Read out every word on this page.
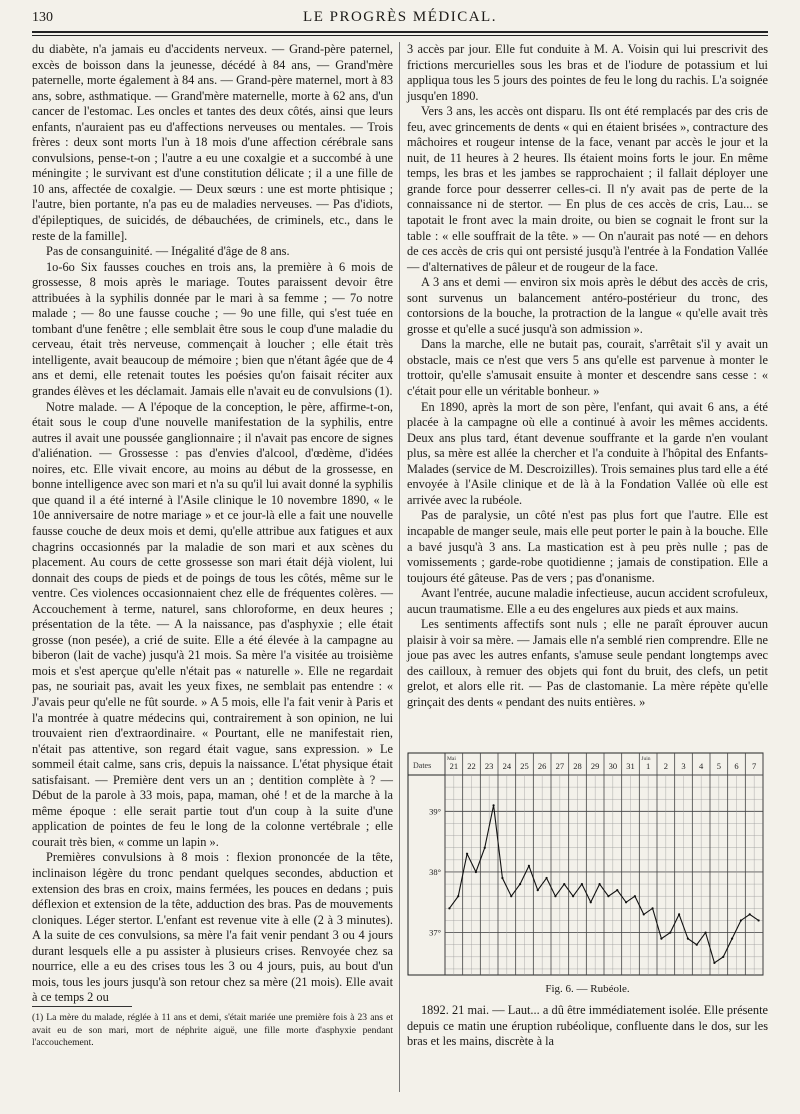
130	LE PROGRÈS MÉDICAL.

du diabète, n'a jamais eu d'accidents nerveux. — Grand-père paternel, excès de boisson dans la jeunesse, décédé à 84 ans, — Grand'mère paternelle, morte également à 84 ans. — Grand-père maternel, mort à 83 ans, sobre, asthmatique. — Grand'mère maternelle, morte à 62 ans, d'un cancer de l'estomac. Les oncles et tantes des deux côtés, ainsi que leurs enfants, n'auraient pas eu d'affections nerveuses ou mentales. — Trois frères : deux sont morts l'un à 18 mois d'une affection cérébrale sans convulsions, pense-t-on ; l'autre a eu une coxalgie et a succombé à une méningite ; le survivant est d'une constitution délicate ; il a une fille de 10 ans, affectée de coxalgie. — Deux sœurs : une est morte phtisique ; l'autre, bien portante, n'a pas eu de maladies nerveuses. — Pas d'idiots, d'épileptiques, de suicidés, de débauchées, de criminels, etc., dans le reste de la famille].

Pas de consanguinité. — Inégalité d'âge de 8 ans.

1o-6o Six fausses couches en trois ans, la première à 6 mois de grossesse, 8 mois après le mariage. Toutes paraissent devoir être attribuées à la syphilis donnée par le mari à sa femme ; — 7o notre malade ; — 8o une fausse couche ; — 9o une fille, qui s'est tuée en tombant d'une fenêtre ; elle semblait être sous le coup d'une maladie du cerveau, était très nerveuse, commençait à loucher ; elle était très intelligente, avait beaucoup de mémoire ; bien que n'étant âgée que de 4 ans et demi, elle retenait toutes les poésies qu'on faisait réciter aux grandes élèves et les déclamait. Jamais elle n'avait eu de convulsions (1).

Notre malade. — A l'époque de la conception, le père, affirme-t-on, était sous le coup d'une nouvelle manifestation de la syphilis, entre autres il avait une poussée ganglionnaire ; il n'avait pas encore de signes d'aliénation. — Grossesse : pas d'envies d'alcool, d'œdème, d'idées noires, etc. Elle vivait encore, au moins au début de la grossesse, en bonne intelligence avec son mari et n'a su qu'il lui avait donné la syphilis que quand il a été interné à l'Asile clinique le 10 novembre 1890, « le 10e anniversaire de notre mariage » et ce jour-là elle a fait une nouvelle fausse couche de deux mois et demi, qu'elle attribue aux fatigues et aux chagrins occasionnés par la maladie de son mari et aux scènes du placement. Au cours de cette grossesse son mari était déjà violent, lui donnait des coups de pieds et de poings de tous les côtés, même sur le ventre. Ces violences occasionnaient chez elle de fréquentes colères. — Accouchement à terme, naturel, sans chloroforme, en deux heures ; présentation de la tête. — A la naissance, pas d'asphyxie ; elle était grosse (non pesée), a crié de suite. Elle a été élevée à la campagne au biberon (lait de vache) jusqu'à 21 mois. Sa mère l'a visitée au troisième mois et s'est aperçue qu'elle n'était pas « naturelle ». Elle ne regardait pas, ne souriait pas, avait les yeux fixes, ne semblait pas entendre : « J'avais peur qu'elle ne fût sourde. » A 5 mois, elle l'a fait venir à Paris et l'a montrée à quatre médecins qui, contrairement à son opinion, ne lui trouvaient rien d'extraordinaire. « Pourtant, elle ne manifestait rien, n'était pas attentive, son regard était vague, sans expression. » Le sommeil était calme, sans cris, depuis la naissance. L'état physique était satisfaisant. — Première dent vers un an ; dentition complète à ? — Début de la parole à 33 mois, papa, maman, ohé ! et de la marche à la même époque : elle serait partie tout d'un coup à la suite d'une application de pointes de feu le long de la colonne vertébrale ; elle courait très bien, « comme un lapin ».

Premières convulsions à 8 mois : flexion prononcée de la tête, inclinaison légère du tronc pendant quelques secondes, abduction et extension des bras en croix, mains fermées, les pouces en dedans ; puis déflexion et extension de la tête, adduction des bras. Pas de mouvements cloniques. Léger stertor. L'enfant est revenue vite à elle (2 à 3 minutes). A la suite de ces convulsions, sa mère l'a fait venir pendant 3 ou 4 jours durant lesquels elle a pu assister à plusieurs crises. Renvoyée chez sa nourrice, elle a eu des crises tous les 3 ou 4 jours, puis, au bout d'un mois, tous les jours jusqu'à son retour chez sa mère (21 mois). Elle avait à ce temps 2 ou

(1) La mère du malade, réglée à 11 ans et demi, s'était mariée une première fois à 23 ans et avait eu de son mari, mort de néphrite aiguë, une fille morte d'asphyxie pendant l'accouchement.

3 accès par jour. Elle fut conduite à M. A. Voisin qui lui prescrivit des frictions mercurielles sous les bras et de l'iodure de potassium et lui appliqua tous les 5 jours des pointes de feu le long du rachis. L'a soignée jusqu'en 1890.

Vers 3 ans, les accès ont disparu. Ils ont été remplacés par des cris de feu, avec grincements de dents « qui en étaient brisées », contracture des mâchoires et rougeur intense de la face, venant par accès le jour et la nuit, de 11 heures à 2 heures. Ils étaient moins forts le jour. En même temps, les bras et les jambes se rapprochaient ; il fallait déployer une grande force pour desserrer celles-ci. Il n'y avait pas de perte de la connaissance ni de stertor. — En plus de ces accès de cris, Lau... se tapotait le front avec la main droite, ou bien se cognait le front sur la table : « elle souffrait de la tête. » — On n'aurait pas noté — en dehors de ces accès de cris qui ont persisté jusqu'à l'entrée à la Fondation Vallée — d'alternatives de pâleur et de rougeur de la face.

A 3 ans et demi — environ six mois après le début des accès de cris, sont survenus un balancement antéro-postérieur du tronc, des contorsions de la bouche, la protraction de la langue « qu'elle avait très grosse et qu'elle a sucé jusqu'à son admission ».

Dans la marche, elle ne butait pas, courait, s'arrêtait s'il y avait un obstacle, mais ce n'est que vers 5 ans qu'elle est parvenue à monter le trottoir, qu'elle s'amusait ensuite à monter et descendre sans cesse : « c'était pour elle un véritable bonheur. »

En 1890, après la mort de son père, l'enfant, qui avait 6 ans, a été placée à la campagne où elle a continué à avoir les mêmes accidents. Deux ans plus tard, étant devenue souffrante et la garde n'en voulant plus, sa mère est allée la chercher et l'a conduite à l'hôpital des Enfants-Malades (service de M. Descroizilles). Trois semaines plus tard elle a été envoyée à l'Asile clinique et de là à la Fondation Vallée où elle est arrivée avec la rubéole.

Pas de paralysie, un côté n'est pas plus fort que l'autre. Elle est incapable de manger seule, mais elle peut porter le pain à la bouche. Elle a bavé jusqu'à 3 ans. La mastication est à peu près nulle ; pas de vomissements ; garde-robe quotidienne ; jamais de constipation. Elle a toujours été gâteuse. Pas de vers ; pas d'onanisme.

Avant l'entrée, aucune maladie infectieuse, aucun accident scrofuleux, aucun traumatisme. Elle a eu des engelures aux pieds et aux mains.

Les sentiments affectifs sont nuls ; elle ne paraît éprouver aucun plaisir à voir sa mère. — Jamais elle n'a semblé rien comprendre. Elle ne joue pas avec les autres enfants, s'amuse seule pendant longtemps avec des cailloux, à remuer des objets qui font du bruit, des clefs, un petit grelot, et alors elle rit. — Pas de clastomanie. La mère répète qu'elle grinçait des dents « pendant des nuits entières. »

Dates
Mai	Juin
21 22 23 24 25 26 27 28 29 30 31 1 2 3 4 5 6 7
39°
38°
37°
Fig. 6. — Rubéole.

1892. 21 mai. — Laut... a dû être immédiatement isolée. Elle présente depuis ce matin une éruption rubéolique, confluente dans le dos, sur les bras et les mains, discrète à la
